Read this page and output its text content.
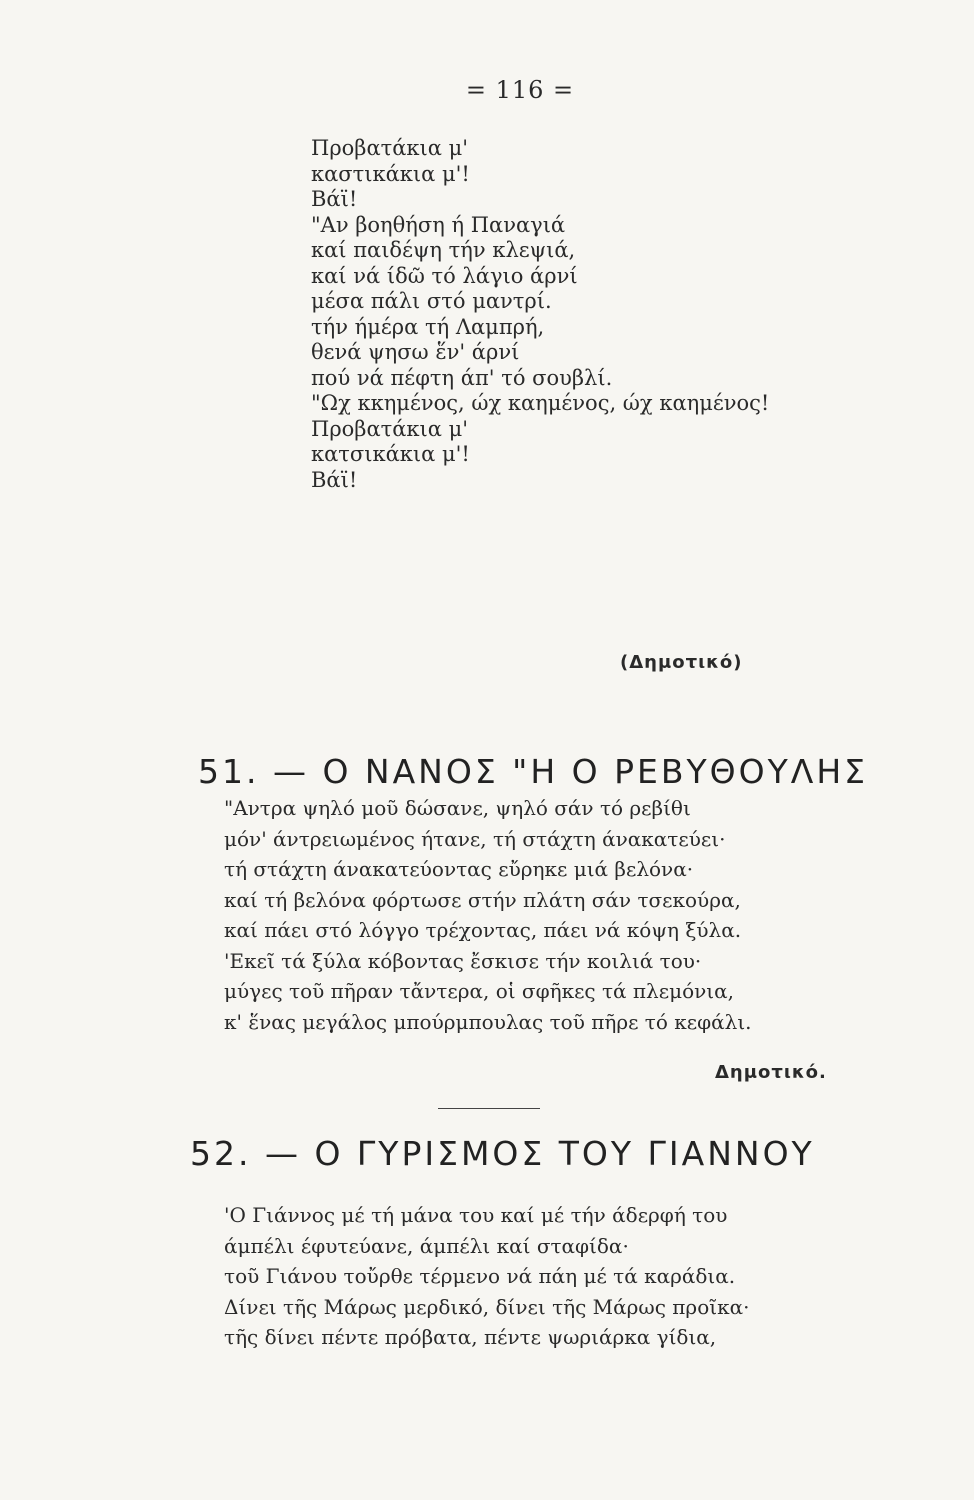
= 116 =
Προβατάκια μ'
καστικάκια μ'!
Βάϊ!
"Αν βοηθήση ή Παναγιά
καί παιδέψη τήν κλεψιά,
καί νά ίδῶ τό λάγιο άρνί
μέσα πάλι στό μαντρί.
τήν ήμέρα τή Λαμπρή,
θενά ψησω ἕν' άρνί
πού νά πέφτη άπ' τό σουβλί.
"Ωχ κκημένος, ώχ καημένος, ώχ καημένος!
Προβατάκια μ'
κατσικάκια μ'!
Βάϊ!
(Δημοτικό)
51. — Ο ΝΑΝΟΣ "Η Ο ΡΕΒΥΘΟΥΛΗΣ
"Αντρα ψηλό μοῦ δώσανε, ψηλό σάν τό ρεβίθι
μόν' άντρειωμένος ήτανε, τή στάχτη άνακατεύει·
τή στάχτη άνακατεύοντας εὔρηκε μιά βελόνα·
καί τή βελόνα φόρτωσε στήν πλάτη σάν τσεκούρα,
καί πάει στό λόγγο τρέχοντας, πάει νά κόψη ξύλα.
'Εκεῖ τά ξύλα κόβοντας ἔσκισε τήν κοιλιά του·
μύγες τοῦ πῆραν τἄντερα, οἱ σφῆκες τά πλεμόνια,
κ' ἕνας μεγάλος μπούρμπουλας τοῦ πῆρε τό κεφάλι.
Δημοτικό.
52. — Ο ΓΥΡΙΣΜΟΣ ΤΟΥ ΓΙΑΝΝΟΥ
'Ο Γιάννος μέ τή μάνα του καί μέ τήν άδερφή του
άμπέλι έφυτεύανε, άμπέλι καί σταφίδα·
τοῦ Γιάνου τοὔρθε τέρμενο νά πάη μέ τά καράδια.
Δίνει τῆς Μάρως μερδικό, δίνει τῆς Μάρως προῖκα·
τῆς δίνει πέντε πρόβατα, πέντε ψωριάρκα γίδια,
